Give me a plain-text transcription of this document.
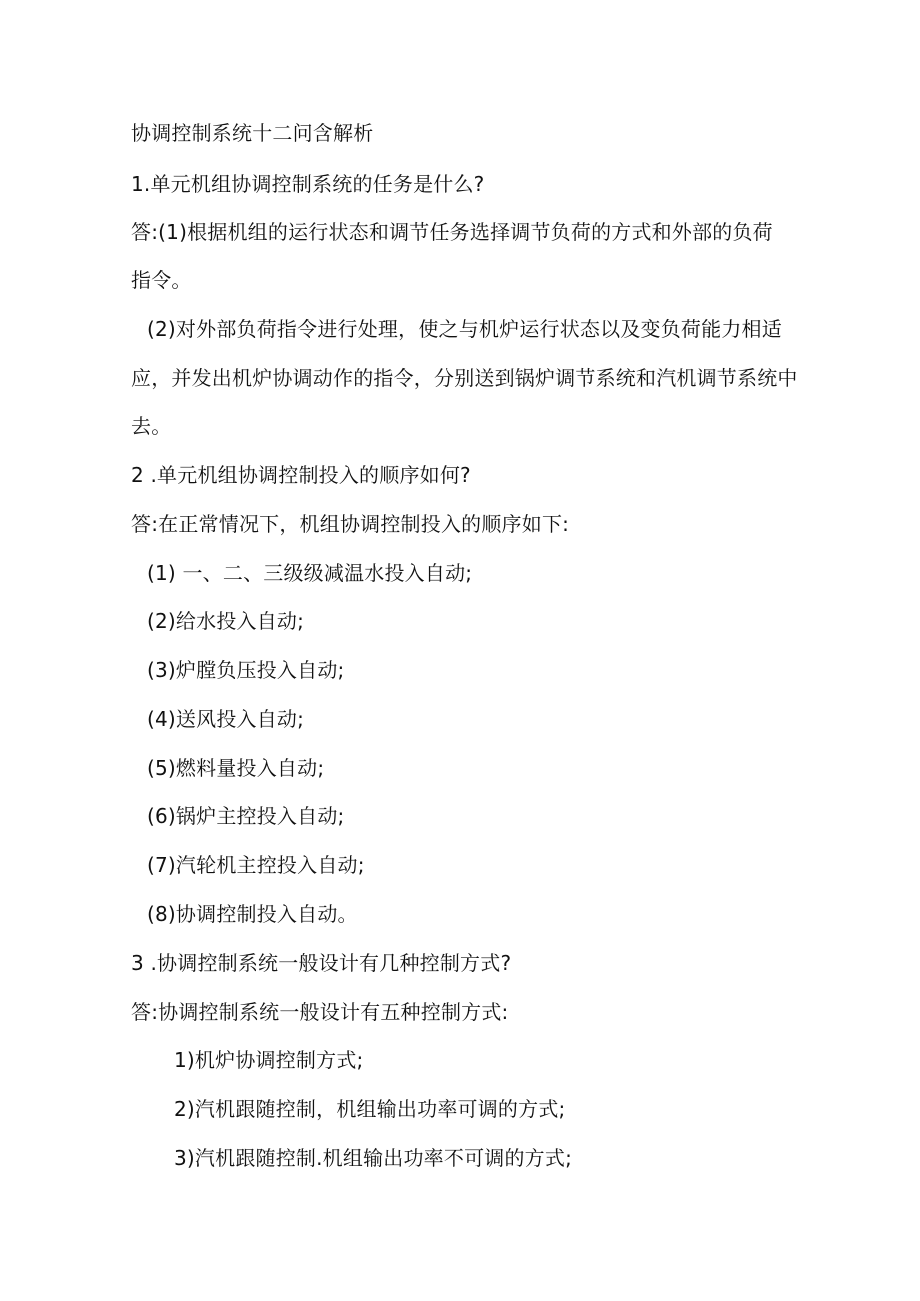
协调控制系统十二问含解析
1.单元机组协调控制系统的任务是什么?
答:(1)根据机组的运行状态和调节任务选择调节负荷的方式和外部的负荷
指令。
(2)对外部负荷指令进行处理，使之与机炉运行状态以及变负荷能力相适
应，并发出机炉协调动作的指令，分别送到锅炉调节系统和汽机调节系统中
去。
2 .单元机组协调控制投入的顺序如何?
答:在正常情况下，机组协调控制投入的顺序如下:
(1) 一、二、三级级减温水投入自动;
(2)给水投入自动;
(3)炉膛负压投入自动;
(4)送风投入自动;
(5)燃料量投入自动;
(6)锅炉主控投入自动;
(7)汽轮机主控投入自动;
(8)协调控制投入自动。
3 .协调控制系统一般设计有几种控制方式?
答:协调控制系统一般设计有五种控制方式:
1)机炉协调控制方式;
2)汽机跟随控制，机组输出功率可调的方式;
3)汽机跟随控制.机组输出功率不可调的方式;
